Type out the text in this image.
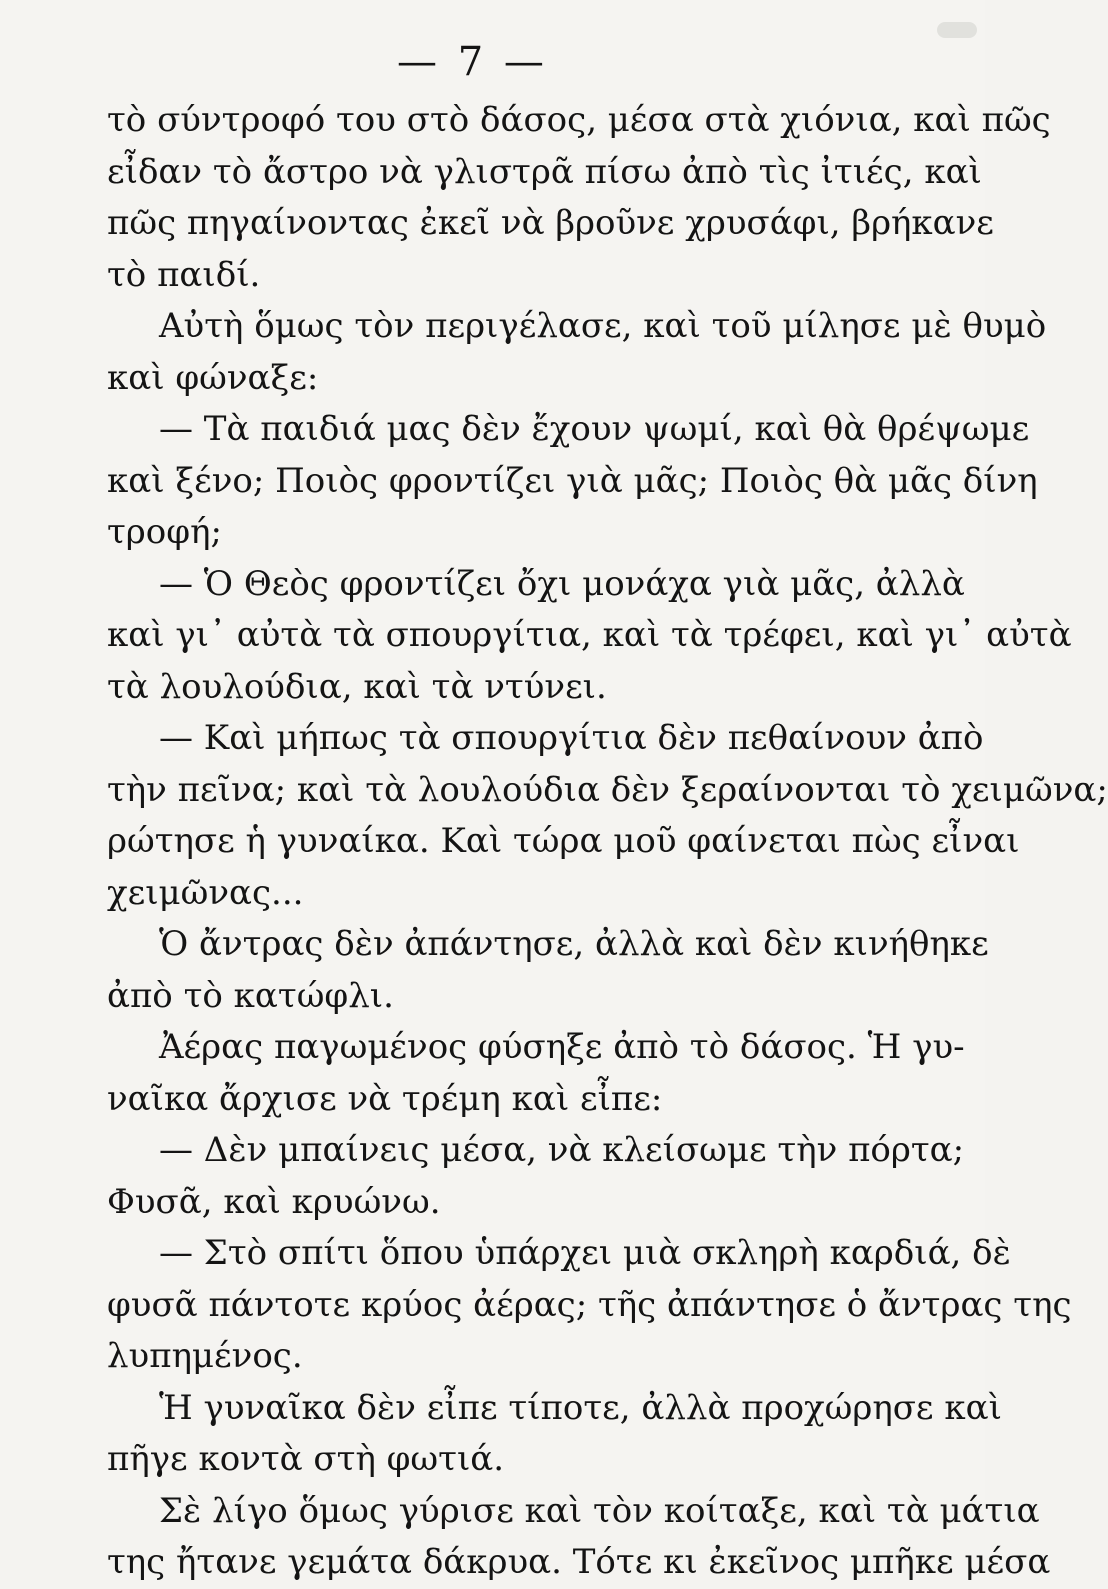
— 7 —
τὸ σύντροφό του στὸ δάσος, μέσα στὰ χιόνια, καὶ πῶς
εἶδαν τὸ ἄστρο νὰ γλιστρᾶ πίσω ἀπὸ τὶς ἰτιές, καὶ
πῶς πηγαίνοντας ἐκεῖ νὰ βροῦνε χρυσάφι, βρήκανε
τὸ παιδί.
Αὐτὴ ὅμως τὸν περιγέλασε, καὶ τοῦ μίλησε μὲ θυμὸ
καὶ φώναξε:
— Τὰ παιδιά μας δὲν ἔχουν ψωμί, καὶ θὰ θρέψωμε
καὶ ξένο; Ποιὸς φροντίζει γιὰ μᾶς; Ποιὸς θὰ μᾶς δίνη
τροφή;
— Ὁ Θεὸς φροντίζει ὄχι μονάχα γιὰ μᾶς, ἀλλὰ
καὶ γι᾽ αὐτὰ τὰ σπουργίτια, καὶ τὰ τρέφει, καὶ γι᾽ αὐτὰ
τὰ λουλούδια, καὶ τὰ ντύνει.
— Καὶ μήπως τὰ σπουργίτια δὲν πεθαίνουν ἀπὸ
τὴν πεῖνα; καὶ τὰ λουλούδια δὲν ξεραίνονται τὸ χειμῶνα;
ρώτησε ἡ γυναίκα. Καὶ τώρα μοῦ φαίνεται πὼς εἶναι
χειμῶνας...
Ὁ ἄντρας δὲν ἀπάντησε, ἀλλὰ καὶ δὲν κινήθηκε
ἀπὸ τὸ κατώφλι.
Ἀέρας παγωμένος φύσηξε ἀπὸ τὸ δάσος. Ἡ γυ-
ναῖκα ἄρχισε νὰ τρέμη καὶ εἶπε:
— Δὲν μπαίνεις μέσα, νὰ κλείσωμε τὴν πόρτα;
Φυσᾶ, καὶ κρυώνω.
— Στὸ σπίτι ὅπου ὑπάρχει μιὰ σκληρὴ καρδιά, δὲ
φυσᾶ πάντοτε κρύος ἀέρας; τῆς ἀπάντησε ὁ ἄντρας της
λυπημένος.
Ἡ γυναῖκα δὲν εἶπε τίποτε, ἀλλὰ προχώρησε καὶ
πῆγε κοντὰ στὴ φωτιά.
Σὲ λίγο ὅμως γύρισε καὶ τὸν κοίταξε, καὶ τὰ μάτια
της ἤτανε γεμάτα δάκρυα. Τότε κι ἐκεῖνος μπῆκε μέσα
